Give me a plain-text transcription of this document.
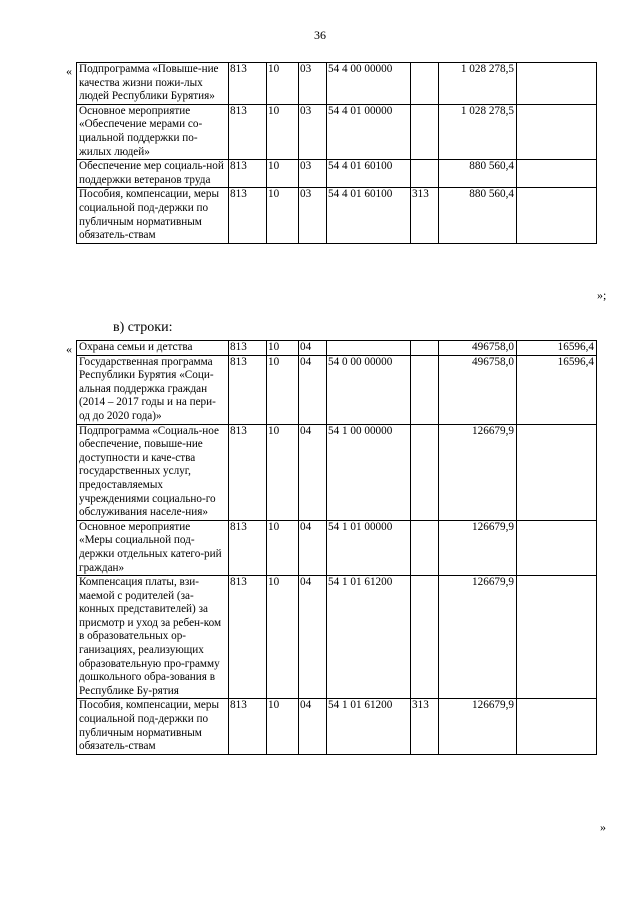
36
« Подпрограмма «Повыше-ние качества жизни пожи-лых людей Республики Бурятия»	813	10	03	54 4 00 00000		1 028 278,5	
Основное мероприятие «Обеспечение мерами со-циальной поддержки по-жилых людей»	813	10	03	54 4 01 00000		1 028 278,5	
Обеспечение мер социаль-ной поддержки ветеранов труда	813	10	03	54 4 01 60100		880 560,4	
Пособия, компенсации, меры социальной под-держки по публичным нормативным обязатель-ствам	813	10	03	54 4 01 60100	313	880 560,4	
»;
в) строки:
« Охрана семьи и детства	813	10	04			496758,0	16596,4
Государственная программа Республики Бурятия «Соци-альная поддержка граждан (2014 – 2017 годы и на пери-од до 2020 года)»	813	10	04	54 0 00 00000		496758,0	16596,4
Подпрограмма «Социаль-ное обеспечение, повыше-ние доступности и каче-ства государственных услуг, предоставляемых учреждениями социально-го обслуживания населе-ния»	813	10	04	54 1 00 00000		126679,9	
Основное мероприятие «Меры социальной под-держки отдельных катего-рий граждан»	813	10	04	54 1 01 00000		126679,9	
Компенсация платы, взи-маемой с родителей (за-конных представителей) за присмотр и уход за ребен-ком в образовательных ор-ганизациях, реализующих образовательную про-грамму дошкольного обра-зования в Республике Бу-рятия	813	10	04	54 1 01 61200		126679,9	
Пособия, компенсации, меры социальной под-держки по публичным нормативным обязатель-ствам	813	10	04	54 1 01 61200	313	126679,9	
»
